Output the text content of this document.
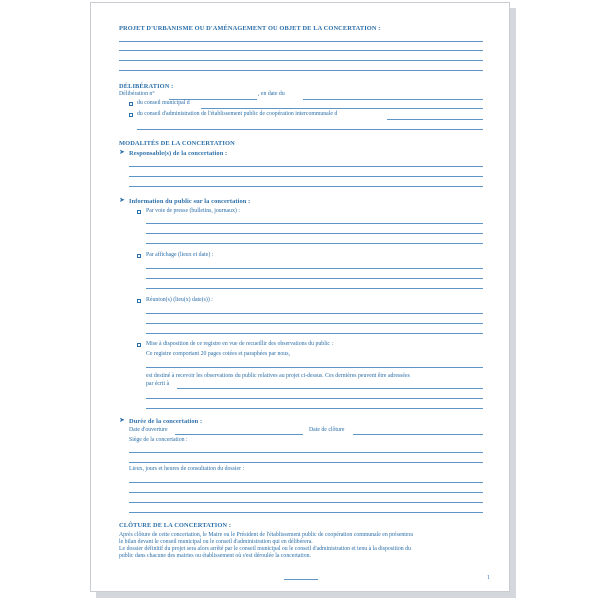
PROJET D'URBANISME OU D'AMÉNAGEMENT OU OBJET DE LA CONCERTATION :
DÉLIBÉRATION :
Délibération n°	, en date du
du conseil municipal d
du conseil d'administration de l'établissement public de coopération intercommunale d
MODALITÉS DE LA CONCERTATION
➤ Responsable(s) de la concertation :
➤ Information du public sur la concertation :
Par voie de presse (bulletins, journaux) :
Par affichage (lieux et date) :
Réunion(s) (lieu(x) date(s)) :
Mise à disposition de ce registre en vue de recueillir des observations du public :
Ce registre comportant 20 pages cotées et paraphées par nous,
est destiné à recevoir les observations du public relatives au projet ci-dessus. Ces dernières peuvent être adressées
par écrit à
➤ Durée de la concertation :
Date d'ouverture	Date de clôture
Siège de la concertation :
Lieux, jours et heures de consultation du dossier :
CLÔTURE DE LA CONCERTATION :
Après clôture de cette concertation, le Maire ou le Président de l'établissement public de coopération communale en présentera
le bilan devant le conseil municipal ou le conseil d'administration qui en délibérera.
Le dossier définitif du projet sera alors arrêté par le conseil municipal ou le conseil d'administration et tenu à la disposition du
public dans chacune des mairies ou établissement où s'est déroulée la concertation.
1
